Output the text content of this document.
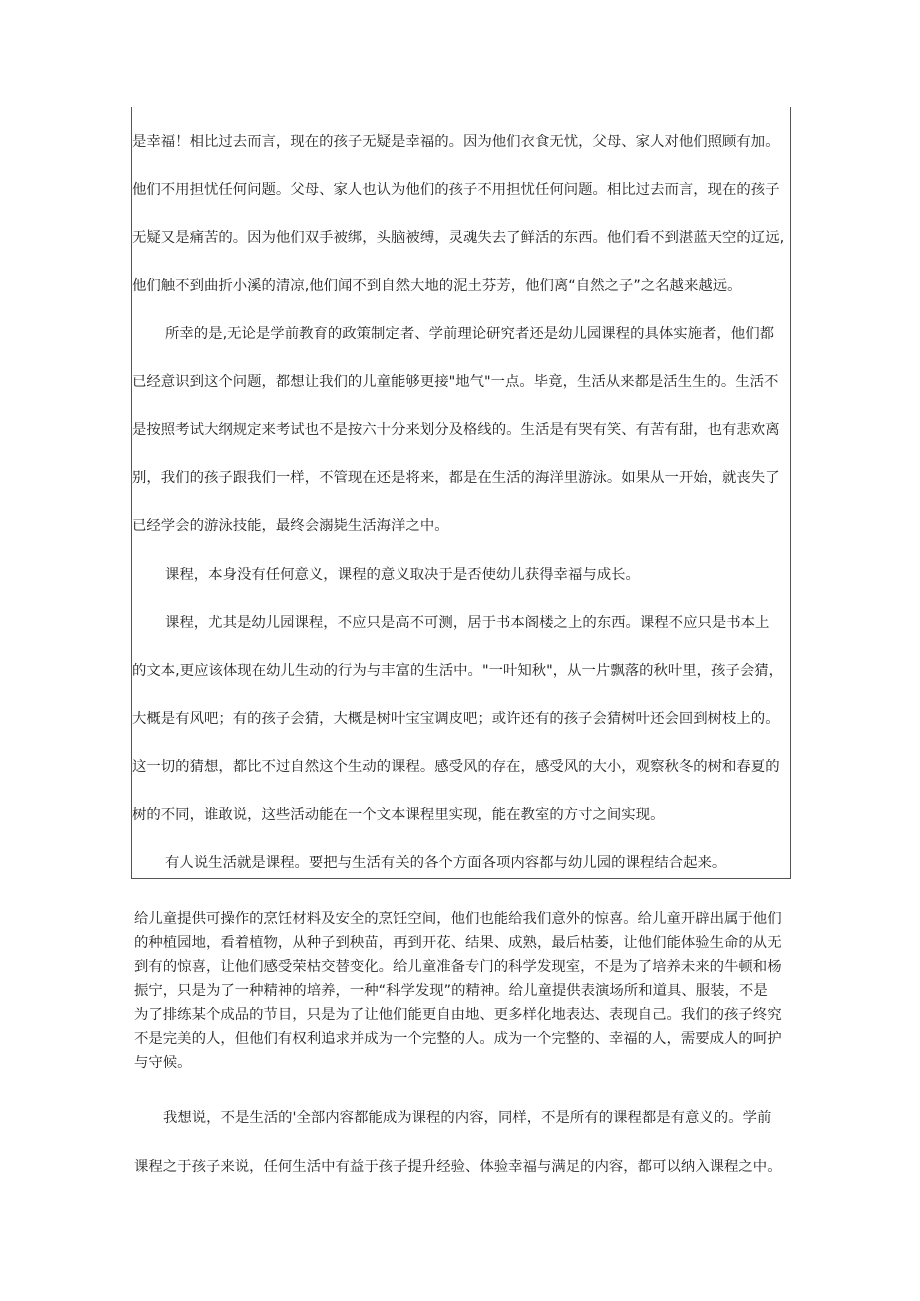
是幸福！相比过去而言，现在的孩子无疑是幸福的。因为他们衣食无忧，父母、家人对他们照顾有加。
他们不用担忧任何问题。父母、家人也认为他们的孩子不用担忧任何问题。相比过去而言，现在的孩子
无疑又是痛苦的。因为他们双手被绑，头脑被缚，灵魂失去了鲜活的东西。他们看不到湛蓝天空的辽远,
他们触不到曲折小溪的清凉,他们闻不到自然大地的泥土芬芳，他们离“自然之子”之名越来越远。
所幸的是,无论是学前教育的政策制定者、学前理论研究者还是幼儿园课程的具体实施者，他们都
已经意识到这个问题，都想让我们的儿童能够更接"地气"一点。毕竟，生活从来都是活生生的。生活不
是按照考试大纲规定来考试也不是按六十分来划分及格线的。生活是有哭有笑、有苦有甜，也有悲欢离
别，我们的孩子跟我们一样，不管现在还是将来，都是在生活的海洋里游泳。如果从一开始，就丧失了
已经学会的游泳技能，最终会溺毙生活海洋之中。
课程，本身没有任何意义，课程的意义取决于是否使幼儿获得幸福与成长。
课程，尤其是幼儿园课程，不应只是高不可测，居于书本阁楼之上的东西。课程不应只是书本上
的文本,更应该体现在幼儿生动的行为与丰富的生活中。"一叶知秋"，从一片飘落的秋叶里，孩子会猜，
大概是有风吧；有的孩子会猜，大概是树叶宝宝调皮吧；或许还有的孩子会猜树叶还会回到树枝上的。
这一切的猜想，都比不过自然这个生动的课程。感受风的存在，感受风的大小，观察秋冬的树和春夏的
树的不同，谁敢说，这些活动能在一个文本课程里实现，能在教室的方寸之间实现。
有人说生活就是课程。要把与生活有关的各个方面各项内容都与幼儿园的课程结合起来。
给儿童提供可操作的烹饪材料及安全的烹饪空间，他们也能给我们意外的惊喜。给儿童开辟出属于他们
的种植园地，看着植物，从种子到秧苗，再到开花、结果、成熟，最后枯萎，让他们能体验生命的从无
到有的惊喜，让他们感受荣枯交替变化。给儿童准备专门的科学发现室，不是为了培养未来的牛顿和杨
振宁，只是为了一种精神的培养，一种“科学发现”的精神。给儿童提供表演场所和道具、服装，不是
为了排练某个成品的节目，只是为了让他们能更自由地、更多样化地表达、表现自己。我们的孩子终究
不是完美的人，但他们有权利追求并成为一个完整的人。成为一个完整的、幸福的人，需要成人的呵护
与守候。
我想说，不是生活的'全部内容都能成为课程的内容，同样，不是所有的课程都是有意义的。学前
课程之于孩子来说，任何生活中有益于孩子提升经验、体验幸福与满足的内容，都可以纳入课程之中。
